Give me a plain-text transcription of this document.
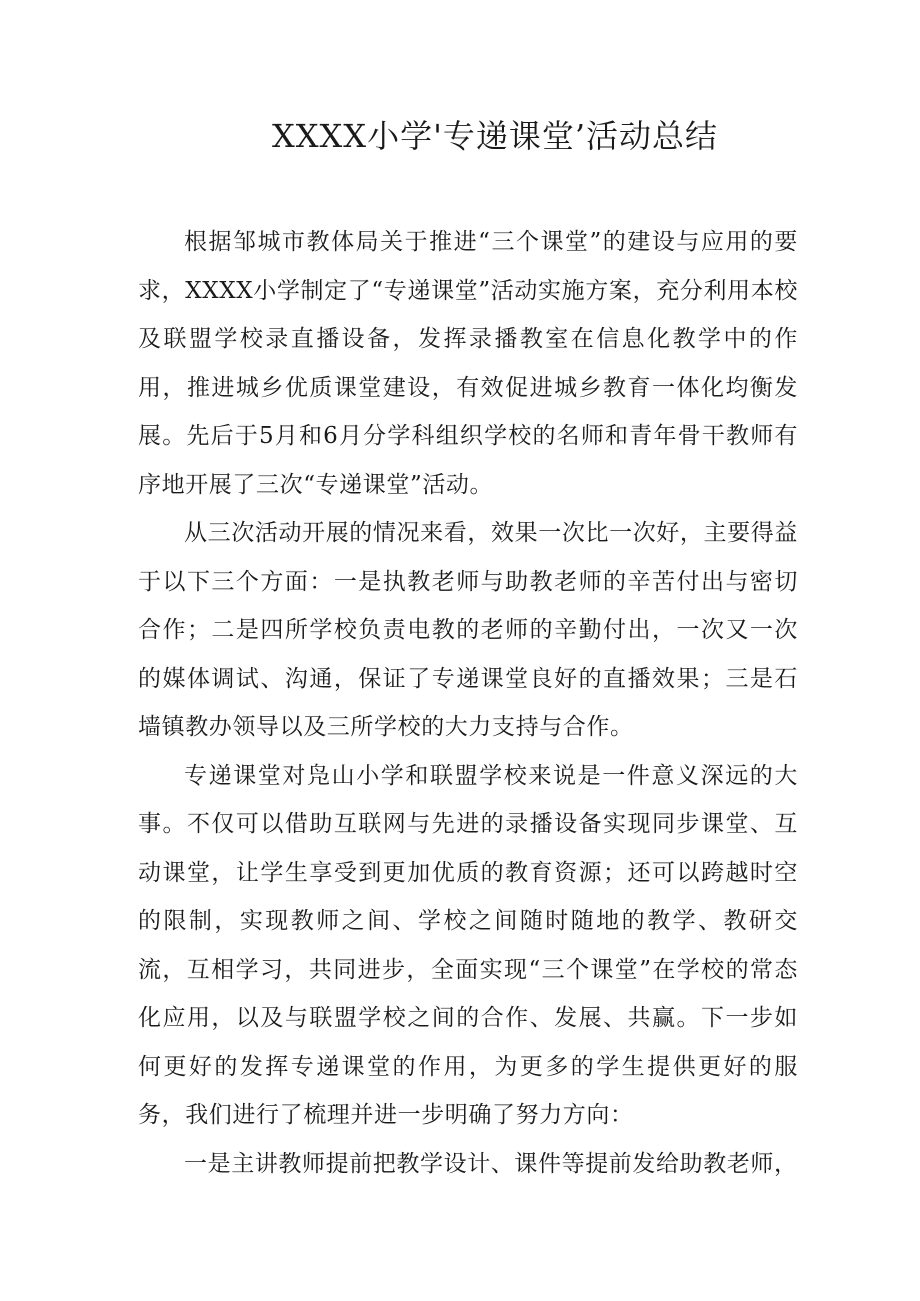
XXXX小学'专递课堂’活动总结

根据邹城市教体局关于推进“三个课堂”的建设与应用的要求，XXXX小学制定了“专递课堂”活动实施方案，充分利用本校及联盟学校录直播设备，发挥录播教室在信息化教学中的作用，推进城乡优质课堂建设，有效促进城乡教育一体化均衡发展。先后于5月和6月分学科组织学校的名师和青年骨干教师有序地开展了三次“专递课堂”活动。

从三次活动开展的情况来看，效果一次比一次好，主要得益于以下三个方面：一是执教老师与助教老师的辛苦付出与密切合作；二是四所学校负责电教的老师的辛勤付出，一次又一次的媒体调试、沟通，保证了专递课堂良好的直播效果；三是石墙镇教办领导以及三所学校的大力支持与合作。

专递课堂对凫山小学和联盟学校来说是一件意义深远的大事。不仅可以借助互联网与先进的录播设备实现同步课堂、互动课堂，让学生享受到更加优质的教育资源；还可以跨越时空的限制，实现教师之间、学校之间随时随地的教学、教研交流，互相学习，共同进步，全面实现“三个课堂”在学校的常态化应用，以及与联盟学校之间的合作、发展、共赢。下一步如何更好的发挥专递课堂的作用，为更多的学生提供更好的服务，我们进行了梳理并进一步明确了努力方向：

一是主讲教师提前把教学设计、课件等提前发给助教老师，
